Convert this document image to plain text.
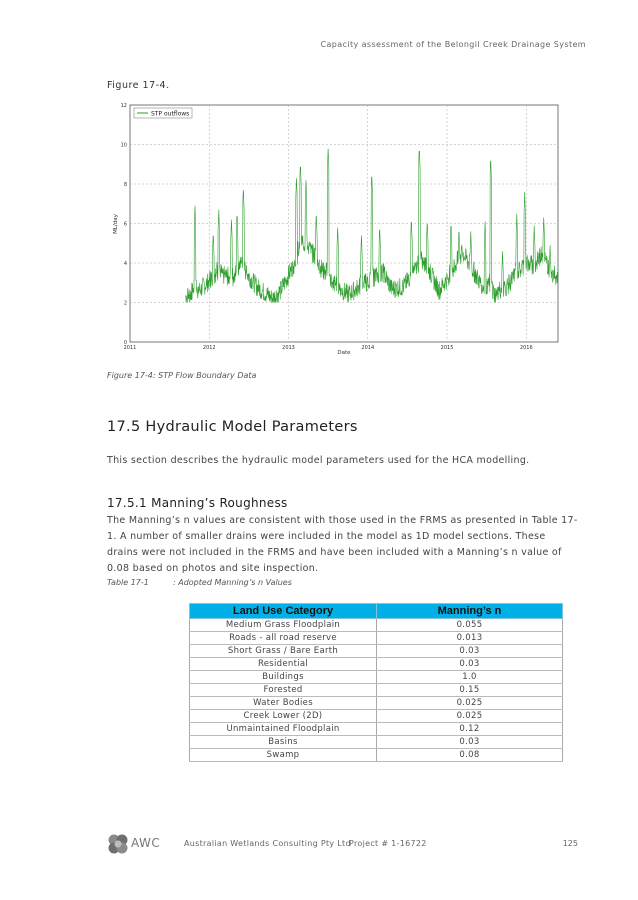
Capacity assessment of the Belongil Creek Drainage System
Figure 17-4.
0
2
4
6
8
10
12
2011	2012	2013	2014	2015	2016
STP outflows
ML/day
Date
Figure 17-4: STP Flow Boundary Data
17.5 Hydraulic Model Parameters
This section describes the hydraulic model parameters used for the HCA modelling.
17.5.1 Manning’s Roughness
The Manning’s n values are consistent with those used in the FRMS as presented in Table 17-1. A number of smaller drains were included in the model as 1D model sections. These drains were not included in the FRMS and have been included with a Manning’s n value of 0.08 based on photos and site inspection.
Table 17-1	: Adopted Manning’s n Values
Land Use Category	Manning’s n
Medium Grass Floodplain	0.055
Roads - all road reserve	0.013
Short Grass / Bare Earth	0.03
Residential	0.03
Buildings	1.0
Forested	0.15
Water Bodies	0.025
Creek Lower (2D)	0.025
Unmaintained Floodplain	0.12
Basins	0.03
Swamp	0.08
AWC	Australian Wetlands Consulting Pty Ltd
Project # 1-16722	125
